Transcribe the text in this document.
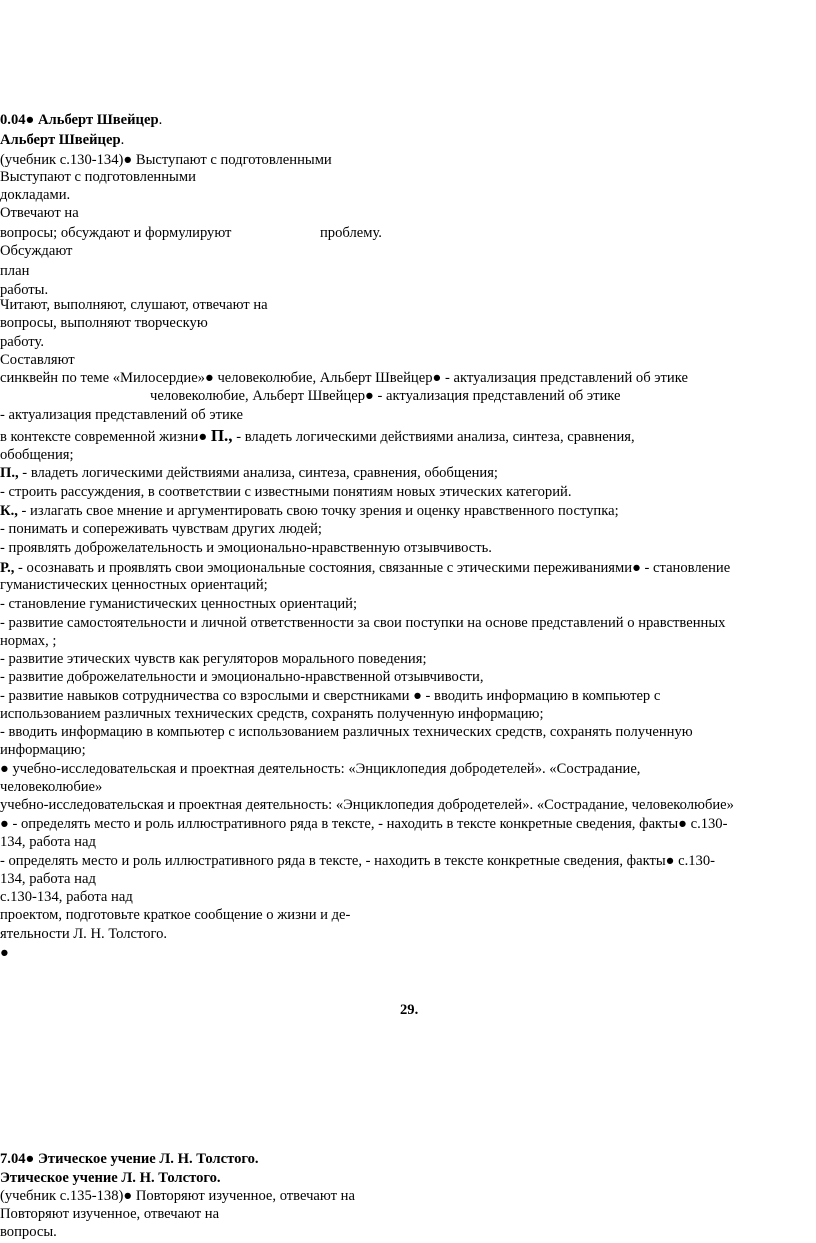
0.04● Альберт Швейцер.
Альберт Швейцер.
(учебник с.130-134)● Выступают с подготовленными
Выступают с подготовленными
докладами.
Отвечают на
вопросы; обсуждают и формулируют	проблему.
Обсуждают
план
работы.
Читают, выполняют, слушают, отвечают на
вопросы, выполняют творческую
работу.
Составляют
синквейн по теме «Милосердие»● человеколюбие, Альберт Швейцер● - актуализация представлений об этике
человеколюбие, Альберт Швейцер● - актуализация представлений об этике
- актуализация представлений об этике
в контексте современной жизни● П., - владеть логическими действиями анализа, синтеза, сравнения,
обобщения;
П., - владеть логическими действиями анализа, синтеза, сравнения, обобщения;
- строить рассуждения, в соответствии с известными понятиям новых этических категорий.
К., - излагать свое мнение и аргументировать свою точку зрения и оценку нравственного поступка;
- понимать и сопереживать чувствам других людей;
- проявлять доброжелательность и эмоционально-нравственную отзывчивость.
Р., - осознавать и проявлять свои эмоциональные состояния, связанные с этическими переживаниями● - становление
гуманистических ценностных ориентаций;
- становление гуманистических ценностных ориентаций;
- развитие самостоятельности и личной ответственности за свои поступки на основе представлений о нравственных
нормах, ;
- развитие этических чувств как регуляторов морального поведения;
- развитие доброжелательности и эмоционально-нравственной отзывчивости,
- развитие навыков сотрудничества со взрослыми и сверстниками ● - вводить информацию в компьютер с
использованием различных технических средств, сохранять полученную информацию;
- вводить информацию в компьютер с использованием различных технических средств, сохранять полученную
информацию;
● учебно-исследовательская и проектная деятельность: «Энциклопедия добродетелей». «Сострадание,
человеколюбие»
учебно-исследовательская и проектная деятельность: «Энциклопедия добродетелей». «Сострадание, человеколюбие»
● - определять место и роль иллюстративного ряда в тексте, - находить в тексте конкретные сведения, факты● с.130-
134, работа над
- определять место и роль иллюстративного ряда в тексте, - находить в тексте конкретные сведения, факты● с.130-
134, работа над
с.130-134, работа над
проектом, подготовьте краткое сообщение о жизни и де-
ятельности Л. Н. Толстого.
●
29.
7.04● Этическое учение Л. Н. Толстого.
Этическое учение Л. Н. Толстого.
(учебник с.135-138)● Повторяют изученное, отвечают на
Повторяют изученное, отвечают на
вопросы.
